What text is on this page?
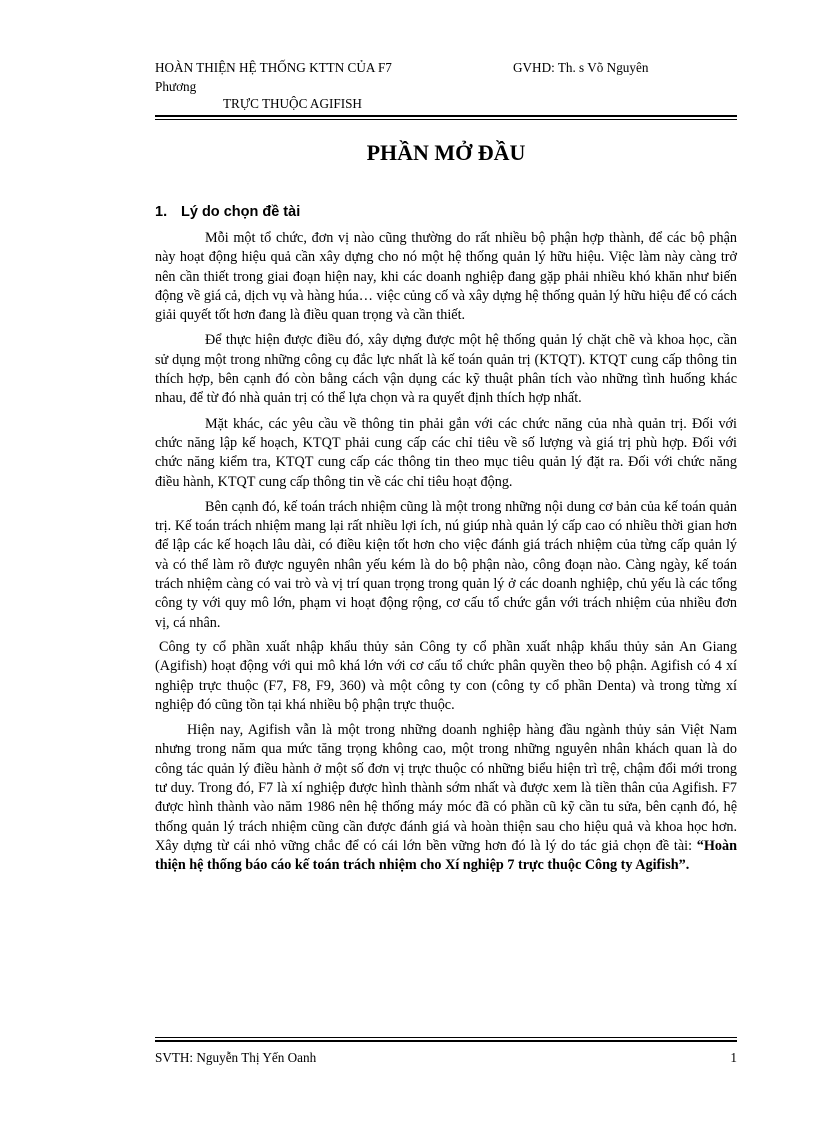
HOÀN THIỆN HỆ THỐNG KTTN CỦA F7	GVHD: Th. s Võ Nguyên
Phương
TRỰC THUỘC AGIFISH
PHẦN MỞ ĐẦU
1. Lý do chọn đề tài

Mỗi một tổ chức, đơn vị nào cũng thường do rất nhiều bộ phận hợp thành, để các bộ phận này hoạt động hiệu quả cần xây dựng cho nó một hệ thống quản lý hữu hiệu. Việc làm này càng trở nên cần thiết trong giai đoạn hiện nay, khi các doanh nghiệp đang gặp phải nhiều khó khăn như biến động về giá cả, dịch vụ và hàng húa… việc củng cố và xây dựng hệ thống quản lý hữu hiệu để có cách giải quyết tốt hơn đang là điều quan trọng và cần thiết.

Để thực hiện được điều đó, xây dựng được một hệ thống quản lý chặt chẽ và khoa học, cần sử dụng một trong những công cụ đắc lực nhất là kế toán quản trị (KTQT). KTQT cung cấp thông tin thích hợp, bên cạnh đó còn bằng cách vận dụng các kỹ thuật phân tích vào những tình huống khác nhau, để từ đó nhà quản trị có thể lựa chọn và ra quyết định thích hợp nhất.

Mặt khác, các yêu cầu về thông tin phải gắn với các chức năng của nhà quản trị. Đối với chức năng lập kế hoạch, KTQT phải cung cấp các chỉ tiêu về số lượng và giá trị phù hợp. Đối với chức năng kiểm tra, KTQT cung cấp các thông tin theo mục tiêu quản lý đặt ra. Đối với chức năng điều hành, KTQT cung cấp thông tin về các chỉ tiêu hoạt động.

Bên cạnh đó, kế toán trách nhiệm cũng là một trong những nội dung cơ bản của kế toán quản trị. Kế toán trách nhiệm mang lại rất nhiều lợi ích, nú giúp nhà quản lý cấp cao có nhiều thời gian hơn để lập các kế hoạch lâu dài, có điều kiện tốt hơn cho việc đánh giá trách nhiệm của từng cấp quản lý và có thể làm rõ được nguyên nhân yếu kém là do bộ phận nào, công đoạn nào. Càng ngày, kế toán trách nhiệm càng có vai trò và vị trí quan trọng trong quản lý ở các doanh nghiệp, chủ yếu là các tổng công ty với quy mô lớn, phạm vi hoạt động rộng, cơ cấu tổ chức gắn với trách nhiệm của nhiều đơn vị, cá nhân.

Công ty cổ phần xuất nhập khẩu thủy sản Công ty cổ phần xuất nhập khẩu thủy sản An Giang (Agifish) hoạt động với qui mô khá lớn với cơ cấu tổ chức phân quyền theo bộ phận. Agifish có 4 xí nghiệp trực thuộc (F7, F8, F9, 360) và một công ty con (công ty cổ phần Denta) và trong từng xí nghiệp đó cũng tồn tại khá nhiều bộ phận trực thuộc.

Hiện nay, Agifish vẫn là một trong những doanh nghiệp hàng đầu ngành thủy sản Việt Nam nhưng trong năm qua mức tăng trọng không cao, một trong những nguyên nhân khách quan là do công tác quản lý điều hành ở một số đơn vị trực thuộc có những biểu hiện trì trệ, chậm đổi mới trong tư duy. Trong đó, F7 là xí nghiệp được hình thành sớm nhất và được xem là tiền thân của Agifish. F7 được hình thành vào năm 1986 nên hệ thống máy móc đã có phần cũ kỹ cần tu sửa, bên cạnh đó, hệ thống quản lý trách nhiệm cũng cần được đánh giá và hoàn thiện sau cho hiệu quả và khoa học hơn. Xây dựng từ cái nhỏ vững chắc để có cái lớn bền vững hơn đó là lý do tác giả chọn đề tài: “Hoàn thiện hệ thống báo cáo kế toán trách nhiệm cho Xí nghiệp 7 trực thuộc Công ty Agifish”.

SVTH: Nguyễn Thị Yến Oanh	1
